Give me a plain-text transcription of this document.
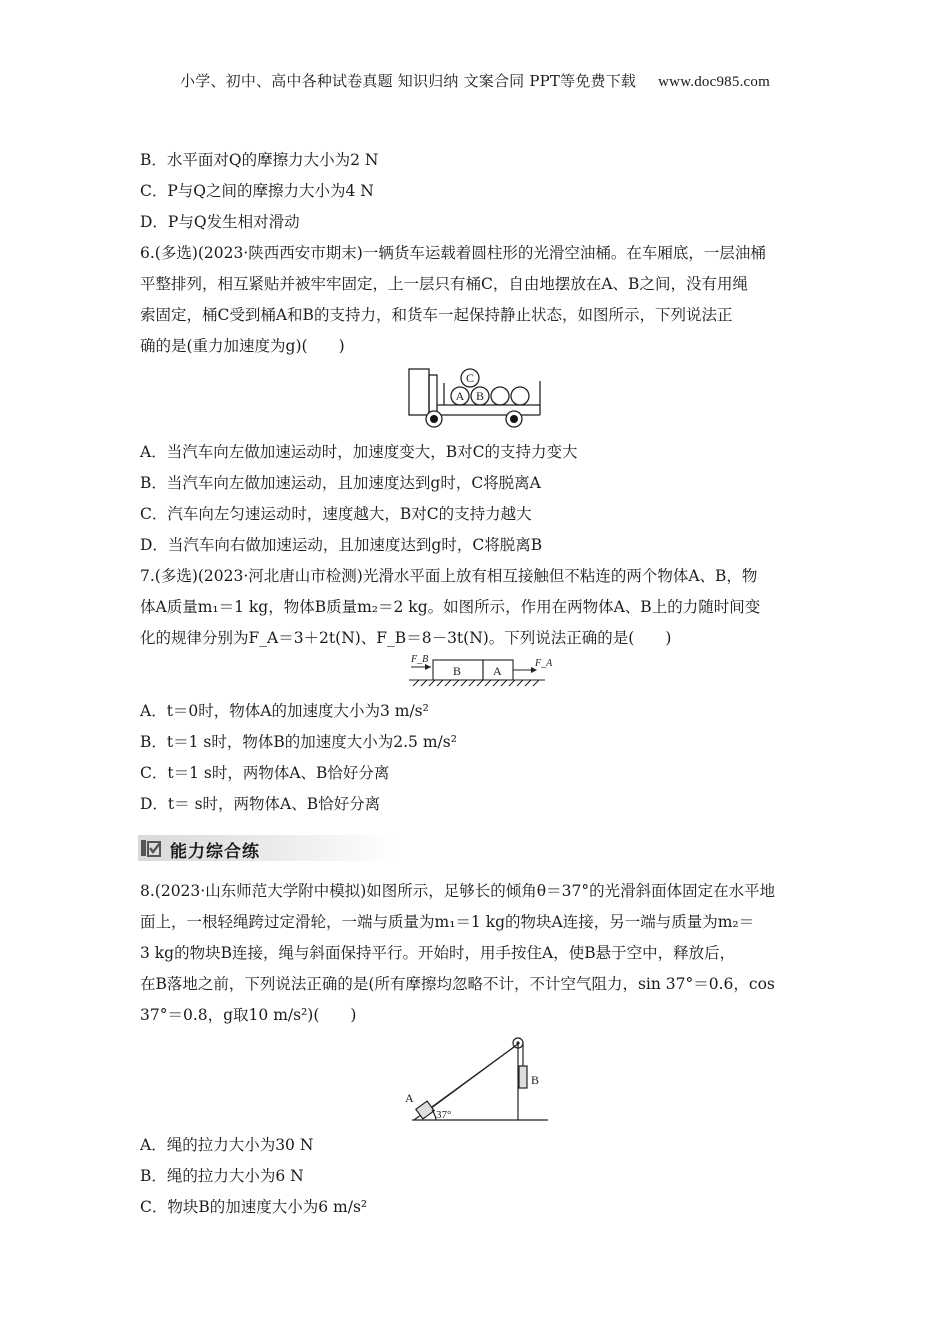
小学、初中、高中各种试卷真题 知识归纳 文案合同 PPT等免费下载 www.doc985.com
B．水平面对Q的摩擦力大小为2 N
C．P与Q之间的摩擦力大小为4 N
D．P与Q发生相对滑动
6.(多选)(2023·陕西西安市期末)一辆货车运载着圆柱形的光滑空油桶。在车厢底，一层油桶
平整排列，相互紧贴并被牢牢固定，上一层只有桶C，自由地摆放在A、B之间，没有用绳
索固定，桶C受到桶A和B的支持力，和货车一起保持静止状态，如图所示，下列说法正
确的是(重力加速度为g)(　　)
C
A B
A．当汽车向左做加速运动时，加速度变大，B对C的支持力变大
B．当汽车向左做加速运动，且加速度达到g时，C将脱离A
C．汽车向左匀速运动时，速度越大，B对C的支持力越大
D．当汽车向右做加速运动，且加速度达到g时，C将脱离B
7.(多选)(2023·河北唐山市检测)光滑水平面上放有相互接触但不粘连的两个物体A、B，物
体A质量m₁＝1 kg，物体B质量m₂＝2 kg。如图所示，作用在两物体A、B上的力随时间变
化的规律分别为F_A＝3＋2t(N)、F_B＝8－3t(N)。下列说法正确的是(　　)
B	A
F_B	F_A
A．t＝0时，物体A的加速度大小为3 m/s²
B．t＝1 s时，物体B的加速度大小为2.5 m/s²
C．t＝1 s时，两物体A、B恰好分离
D．t＝ s时，两物体A、B恰好分离
能力综合练
8.(2023·山东师范大学附中模拟)如图所示，足够长的倾角θ＝37°的光滑斜面体固定在水平地
面上，一根轻绳跨过定滑轮，一端与质量为m₁＝1 kg的物块A连接，另一端与质量为m₂＝
3 kg的物块B连接，绳与斜面保持平行。开始时，用手按住A，使B悬于空中，释放后，
在B落地之前，下列说法正确的是(所有摩擦均忽略不计，不计空气阻力，sin 37°＝0.6，cos
37°＝0.8，g取10 m/s²)(　　)
A
B
37°
A．绳的拉力大小为30 N
B．绳的拉力大小为6 N
C．物块B的加速度大小为6 m/s²
